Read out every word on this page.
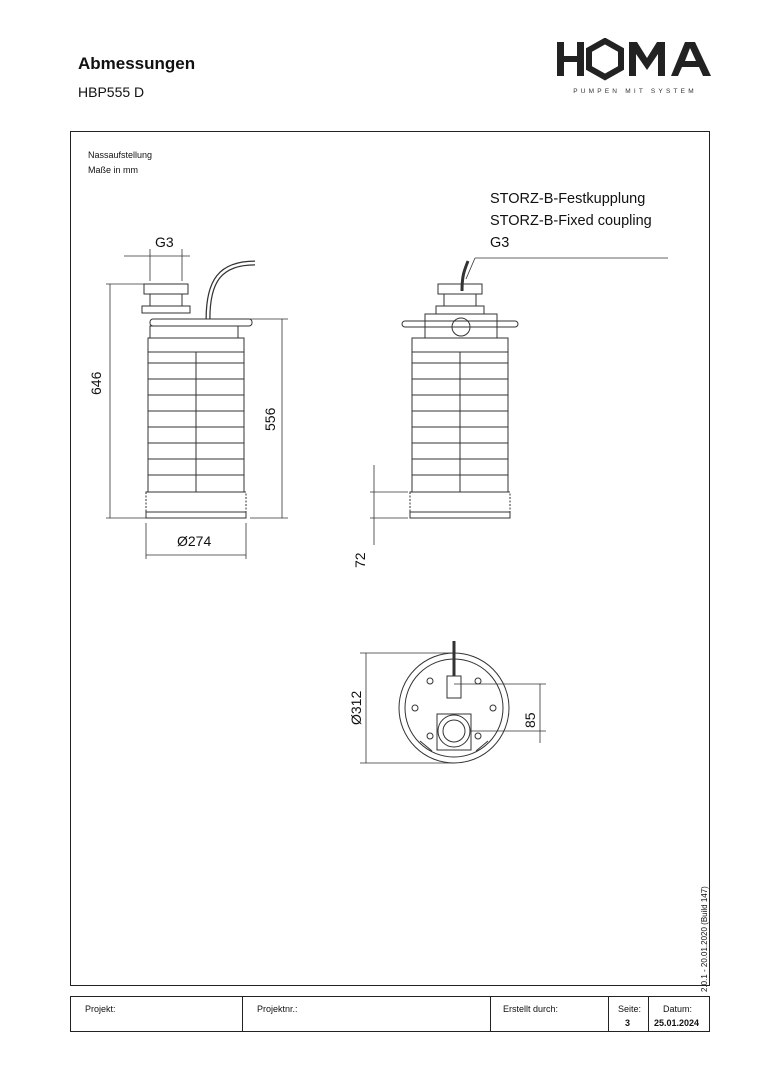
Abmessungen
HBP555 D	PUMPEN MIT SYSTEM
Nassaufstellung
Maße in mm
STORZ-B-Festkupplung
STORZ-B-Fixed coupling
G3
G3
646
556
Ø274
72
Ø312	85
2.0.1 - 20.01.2020 (Build 147)
Projekt:	Projektnr.:	Erstellt durch:	Seite:
3
Datum:
25.01.2024
